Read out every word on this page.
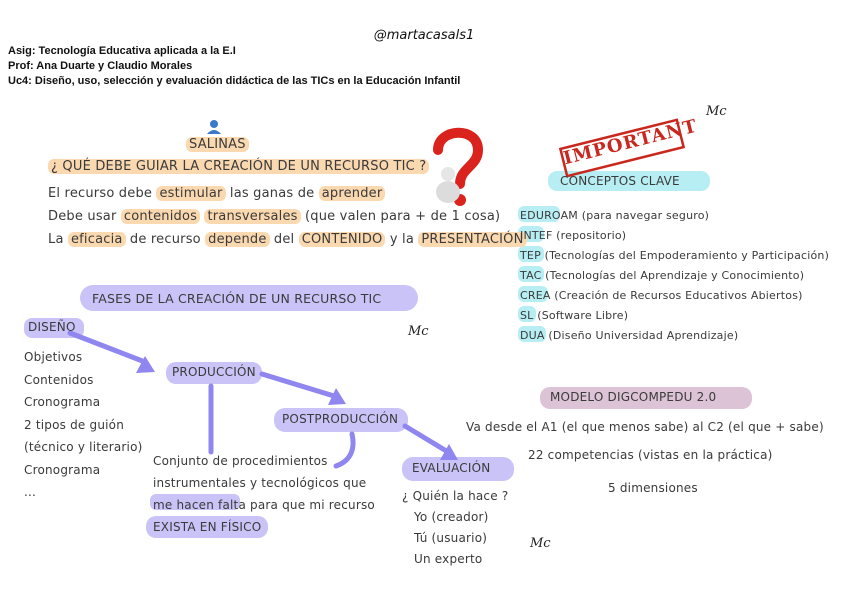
@martacasals1
Asig: Tecnología Educativa aplicada a la E.I
Prof: Ana Duarte y Claudio Morales
Uc4: Diseño, uso, selección y evaluación didáctica de las TICs en la Educación Infantil
Mc
Mc
Mc
IMPORTANT
SALINAS
¿ QUÉ DEBE GUIAR LA CREACIÓN DE UN RECURSO TIC ?
El recurso debe estimular las ganas de aprender
Debe usar contenidos transversales (que valen para + de 1 cosa)
La eficacia de recurso depende del CONTENIDO y la PRESENTACIÓN
CONCEPTOS CLAVE
EDUROAM (para navegar seguro)
INTEF (repositorio)
TEP (Tecnologías del Empoderamiento y Participación)
TAC (Tecnologías del Aprendizaje y Conocimiento)
CREA (Creación de Recursos Educativos Abiertos)
SL (Software Libre)
DUA (Diseño Universidad Aprendizaje)
FASES DE LA CREACIÓN DE UN RECURSO TIC
DISEÑO
Objetivos
Contenidos
Cronograma
2 tipos de guión
(técnico y literario)
Cronograma
...
PRODUCCIÓN
Conjunto de procedimientos
instrumentales y tecnológicos que
me hacen falta para que mi recurso
EXISTA EN FÍSICO
POSTPRODUCCIÓN
EVALUACIÓN
¿ Quién la hace ?
Yo (creador)
Tú (usuario)
Un experto
MODELO DIGCOMPEDU 2.0
Va desde el A1 (el que menos sabe) al C2 (el que + sabe)
22 competencias (vistas en la práctica)
5 dimensiones
